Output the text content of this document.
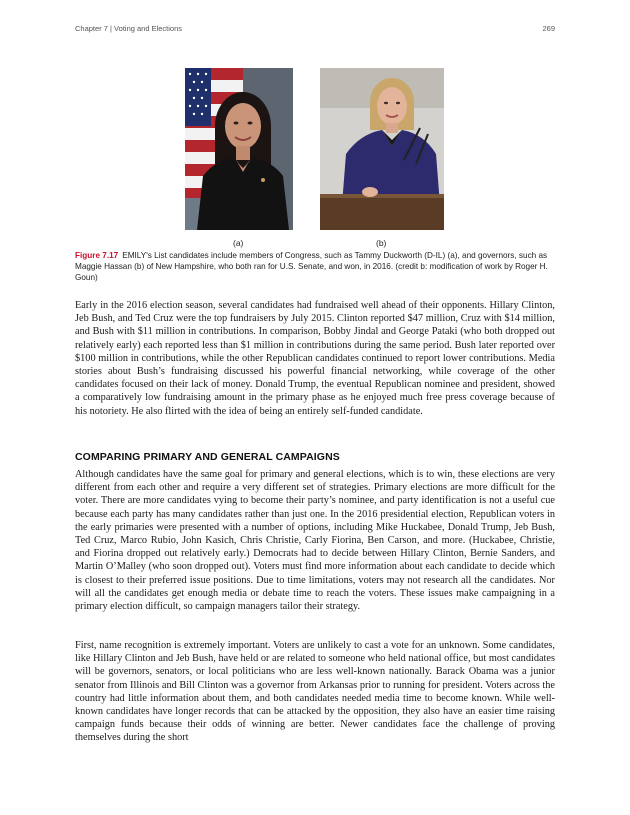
Chapter 7 | Voting and Elections	269
(a)	(b)
Figure 7.17 EMILY's List candidates include members of Congress, such as Tammy Duckworth (D-IL) (a), and governors, such as Maggie Hassan (b) of New Hampshire, who both ran for U.S. Senate, and won, in 2016. (credit b: modification of work by Roger H. Goun)

Early in the 2016 election season, several candidates had fundraised well ahead of their opponents. Hillary Clinton, Jeb Bush, and Ted Cruz were the top fundraisers by July 2015. Clinton reported $47 million, Cruz with $14 million, and Bush with $11 million in contributions. In comparison, Bobby Jindal and George Pataki (who both dropped out relatively early) each reported less than $1 million in contributions during the same period. Bush later reported over $100 million in contributions, while the other Republican candidates continued to report lower contributions. Media stories about Bush’s fundraising discussed his powerful financial networking, while coverage of the other candidates focused on their lack of money. Donald Trump, the eventual Republican nominee and president, showed a comparatively low fundraising amount in the primary phase as he enjoyed much free press coverage because of his notoriety. He also flirted with the idea of being an entirely self-funded candidate.

COMPARING PRIMARY AND GENERAL CAMPAIGNS

Although candidates have the same goal for primary and general elections, which is to win, these elections are very different from each other and require a very different set of strategies. Primary elections are more difficult for the voter. There are more candidates vying to become their party’s nominee, and party identification is not a useful cue because each party has many candidates rather than just one. In the 2016 presidential election, Republican voters in the early primaries were presented with a number of options, including Mike Huckabee, Donald Trump, Jeb Bush, Ted Cruz, Marco Rubio, John Kasich, Chris Christie, Carly Fiorina, Ben Carson, and more. (Huckabee, Christie, and Fiorina dropped out relatively early.) Democrats had to decide between Hillary Clinton, Bernie Sanders, and Martin O’Malley (who soon dropped out). Voters must find more information about each candidate to decide which is closest to their preferred issue positions. Due to time limitations, voters may not research all the candidates. Nor will all the candidates get enough media or debate time to reach the voters. These issues make campaigning in a primary election difficult, so campaign managers tailor their strategy.

First, name recognition is extremely important. Voters are unlikely to cast a vote for an unknown. Some candidates, like Hillary Clinton and Jeb Bush, have held or are related to someone who held national office, but most candidates will be governors, senators, or local politicians who are less well-known nationally. Barack Obama was a junior senator from Illinois and Bill Clinton was a governor from Arkansas prior to running for president. Voters across the country had little information about them, and both candidates needed media time to become known. While well-known candidates have longer records that can be attacked by the opposition, they also have an easier time raising campaign funds because their odds of winning are better. Newer candidates face the challenge of proving themselves during the short
